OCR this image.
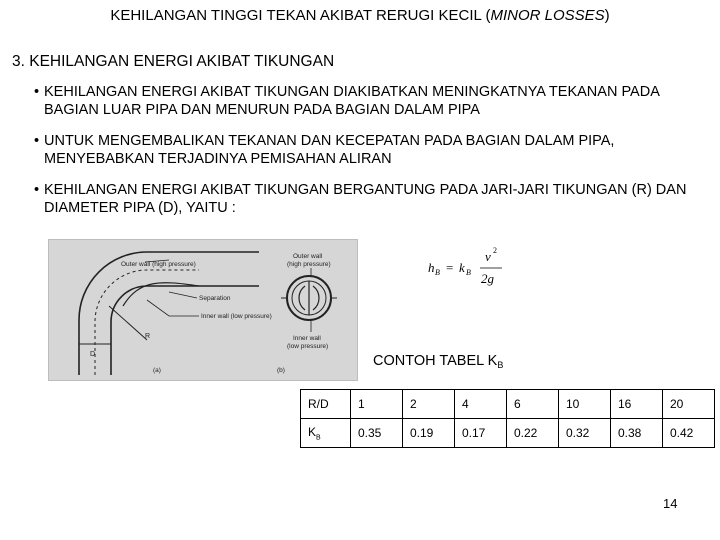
KEHILANGAN TINGGI TEKAN AKIBAT RERUGI KECIL (MINOR LOSSES)
3. KEHILANGAN ENERGI AKIBAT TIKUNGAN
• KEHILANGAN ENERGI AKIBAT TIKUNGAN DIAKIBATKAN MENINGKATNYA TEKANAN PADA BAGIAN LUAR PIPA DAN MENURUN PADA BAGIAN DALAM PIPA
• UNTUK MENGEMBALIKAN TEKANAN DAN KECEPATAN PADA BAGIAN DALAM PIPA, MENYEBABKAN TERJADINYA PEMISAHAN ALIRAN
• KEHILANGAN ENERGI AKIBAT TIKUNGAN BERGANTUNG PADA JARI-JARI TIKUNGAN (R) DAN DIAMETER PIPA (D), YAITU :
Outer wall (high pressure)
Separation
Inner wall (low pressure)
R
D
(a)	(b)
Outer wall
(high pressure)
Inner wall
(low pressure)
h B = k B
v 2
2g
CONTOH TABEL $K_B$
R/D	1	2	4	6	10	16	20
$K_B$	0.35	0.19	0.17	0.22	0.32	0.38	0.42
14
